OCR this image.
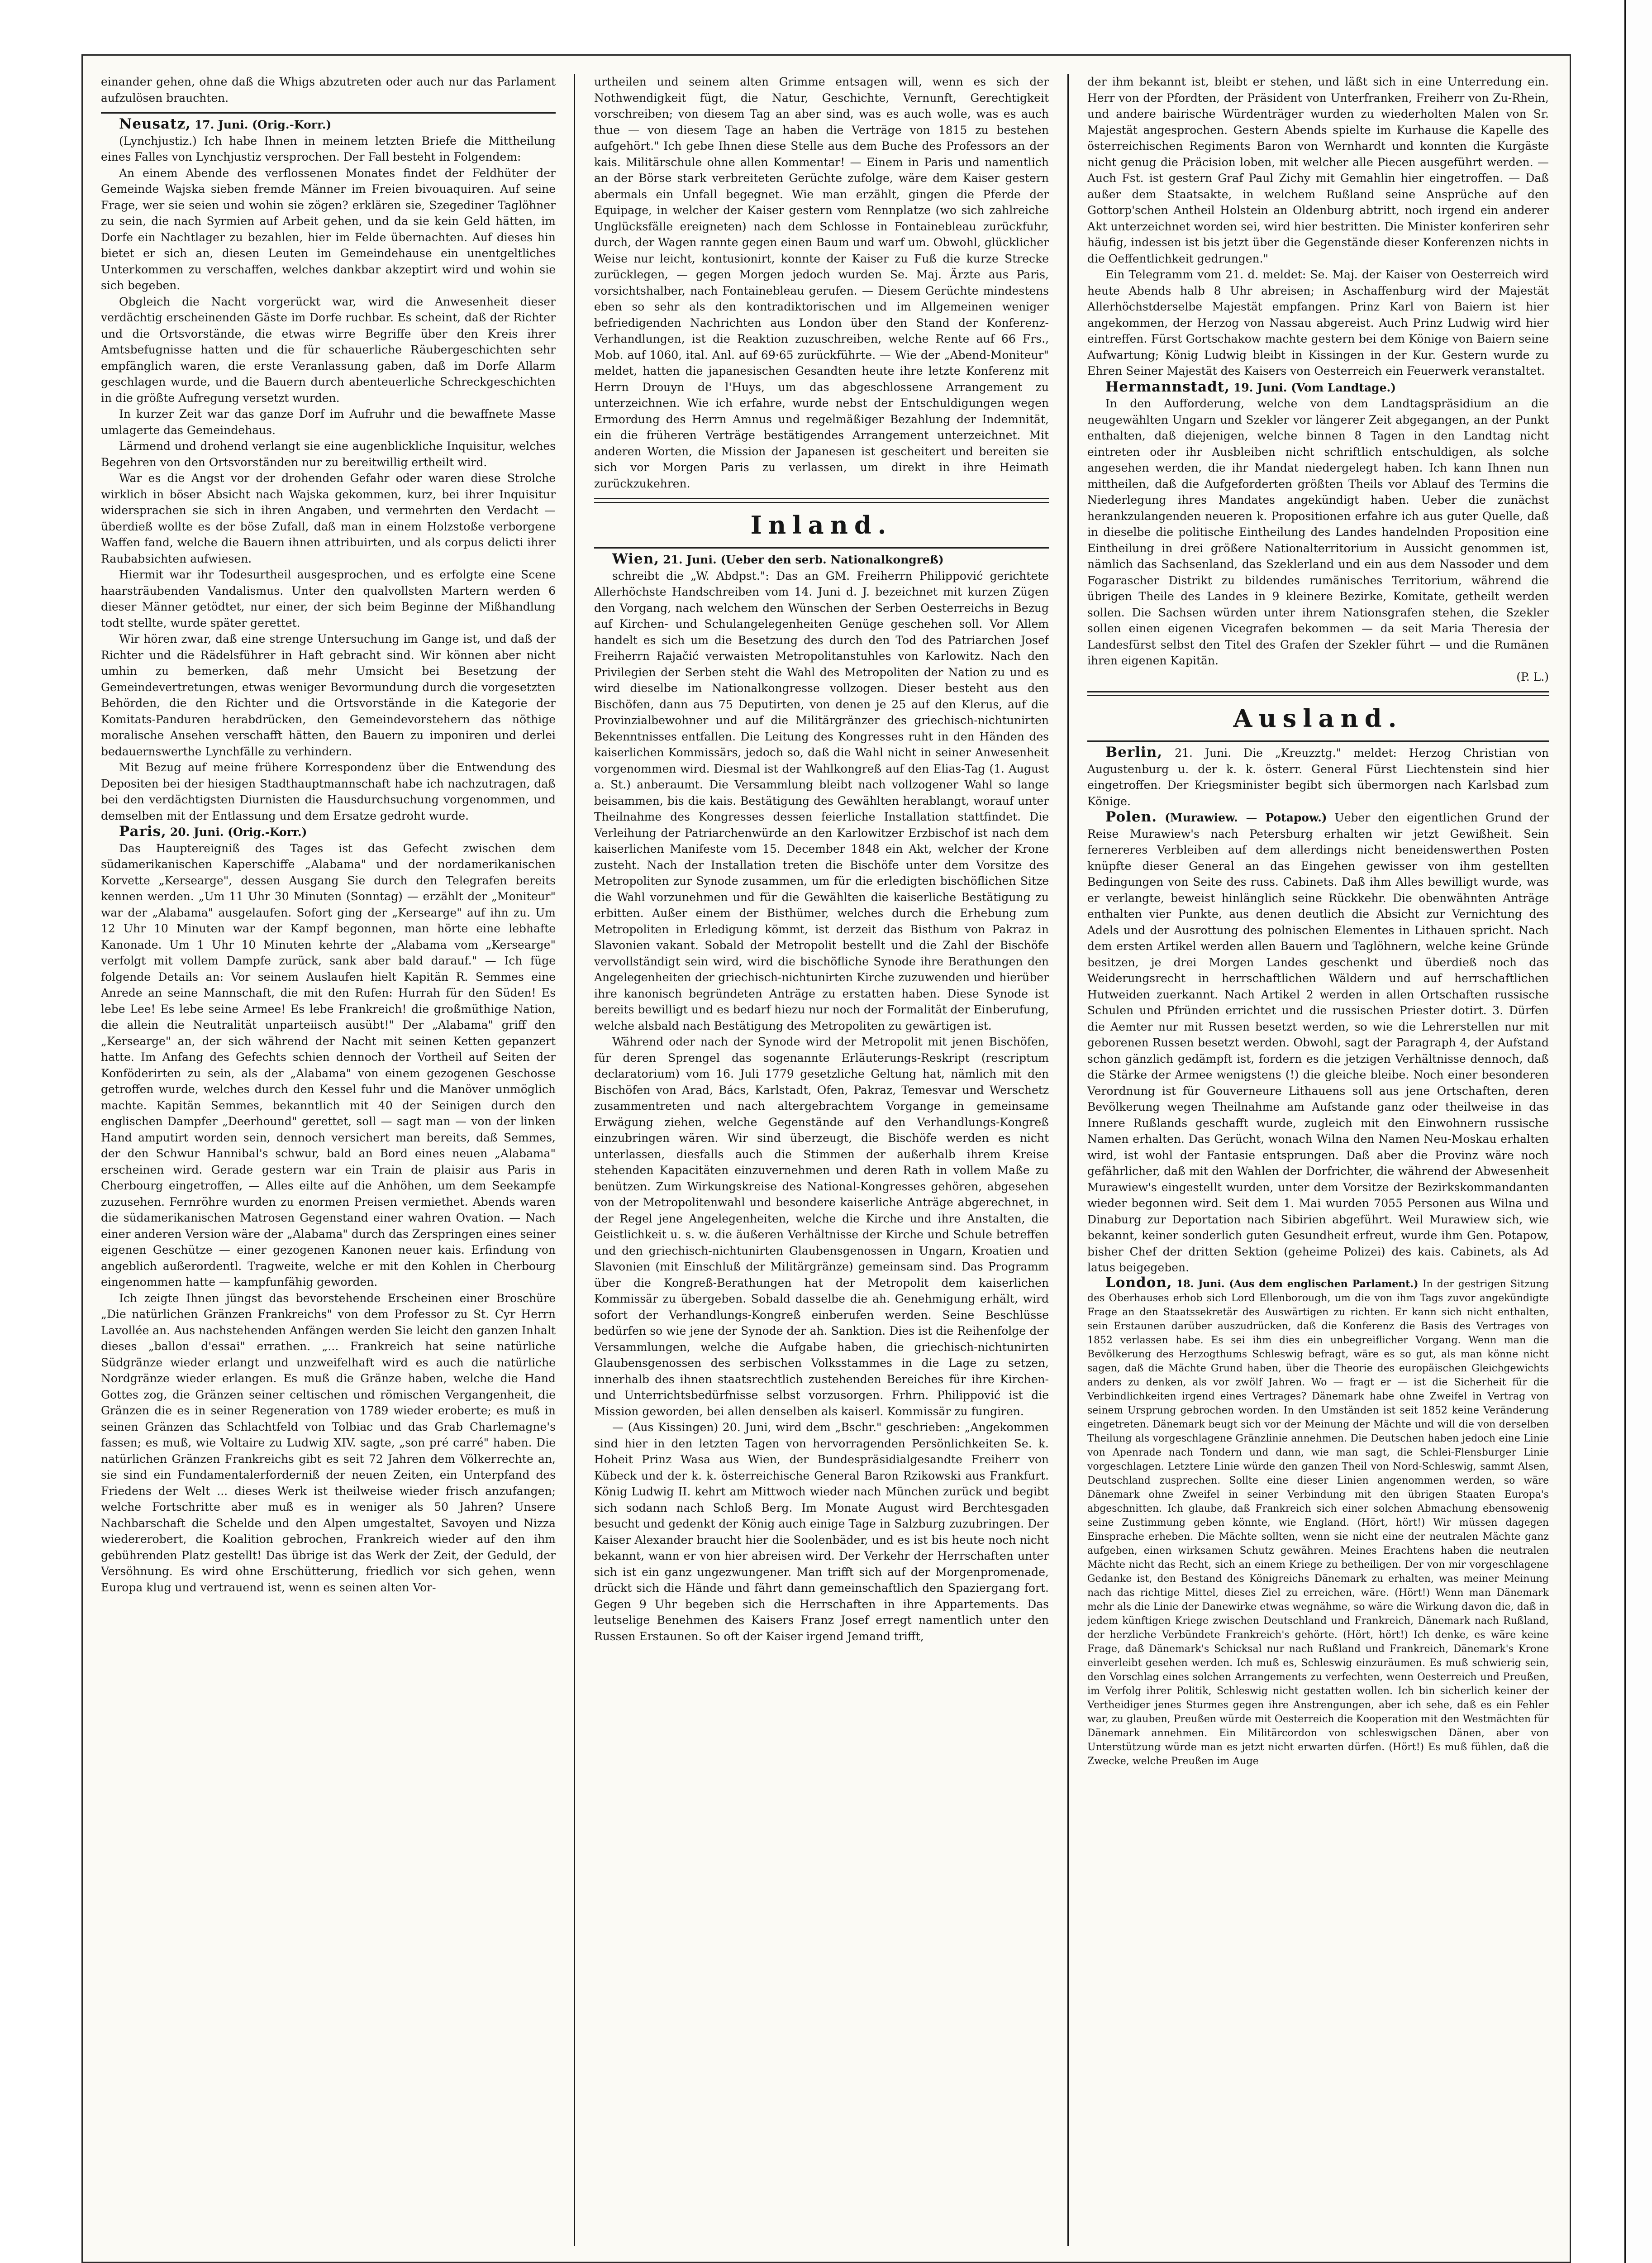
einander gehen, ohne daß die Whigs abzutreten oder auch nur das Parlament aufzulösen brauchten.

Neusatz, 17. Juni. (Orig.-Korr.)

(Lynchjustiz.) Ich habe Ihnen in meinem letzten Briefe die Mittheilung eines Falles von Lynchjustiz versprochen. Der Fall besteht in Folgendem:

An einem Abende des verflossenen Monates findet der Feldhüter der Gemeinde Wajska sieben fremde Männer im Freien bivouaquiren. Auf seine Frage, wer sie seien und wohin sie zögen? erklären sie, Szegediner Taglöhner zu sein, die nach Syrmien auf Arbeit gehen, und da sie kein Geld hätten, im Dorfe ein Nachtlager zu bezahlen, hier im Felde übernachten. Auf dieses hin bietet er sich an, diesen Leuten im Gemeindehause ein unentgeltliches Unterkommen zu verschaffen, welches dankbar akzeptirt wird und wohin sie sich begeben.

Obgleich die Nacht vorgerückt war, wird die Anwesenheit dieser verdächtig erscheinenden Gäste im Dorfe ruchbar. Es scheint, daß der Richter und die Ortsvorstände, die etwas wirre Begriffe über den Kreis ihrer Amtsbefugnisse hatten und die für schauerliche Räubergeschichten sehr empfänglich waren, die erste Veranlassung gaben, daß im Dorfe Allarm geschlagen wurde, und die Bauern durch abenteuerliche Schreckgeschichten in die größte Aufregung versetzt wurden.

In kurzer Zeit war das ganze Dorf im Aufruhr und die bewaffnete Masse umlagerte das Gemeindehaus.

Lärmend und drohend verlangt sie eine augenblickliche Inquisitur, welches Begehren von den Ortsvorständen nur zu bereitwillig ertheilt wird.

War es die Angst vor der drohenden Gefahr oder waren diese Strolche wirklich in böser Absicht nach Wajska gekommen, kurz, bei ihrer Inquisitur widersprachen sie sich in ihren Angaben, und vermehrten den Verdacht — überdieß wollte es der böse Zufall, daß man in einem Holzstoße verborgene Waffen fand, welche die Bauern ihnen attribuirten, und als corpus delicti ihrer Raubabsichten aufwiesen.

Hiermit war ihr Todesurtheil ausgesprochen, und es erfolgte eine Scene haarsträubenden Vandalismus. Unter den qualvollsten Martern werden 6 dieser Männer getödtet, nur einer, der sich beim Beginne der Mißhandlung todt stellte, wurde später gerettet.

Wir hören zwar, daß eine strenge Untersuchung im Gange ist, und daß der Richter und die Rädelsführer in Haft gebracht sind. Wir können aber nicht umhin zu bemerken, daß mehr Umsicht bei Besetzung der Gemeindevertretungen, etwas weniger Bevormundung durch die vorgesetzten Behörden, die den Richter und die Ortsvorstände in die Kategorie der Komitats-Panduren herabdrücken, den Gemeindevorstehern das nöthige moralische Ansehen verschafft hätten, den Bauern zu imponiren und derlei bedauernswerthe Lynchfälle zu verhindern.

Mit Bezug auf meine frühere Korrespondenz über die Entwendung des Depositen bei der hiesigen Stadthauptmannschaft habe ich nachzutragen, daß bei den verdächtigsten Diurnisten die Hausdurchsuchung vorgenommen, und demselben mit der Entlassung und dem Ersatze gedroht wurde.

Paris, 20. Juni. (Orig.-Korr.)

Das Hauptereigniß des Tages ist das Gefecht zwischen dem südamerikanischen Kaperschiffe „Alabama" und der nordamerikanischen Korvette „Kersearge", dessen Ausgang Sie durch den Telegrafen bereits kennen werden. „Um 11 Uhr 30 Minuten (Sonntag) — erzählt der „Moniteur" war der „Alabama" ausgelaufen. Sofort ging der „Kersearge" auf ihn zu. Um 12 Uhr 10 Minuten war der Kampf begonnen, man hörte eine lebhafte Kanonade. Um 1 Uhr 10 Minuten kehrte der „Alabama vom „Kersearge" verfolgt mit vollem Dampfe zurück, sank aber bald darauf." — Ich füge folgende Details an: Vor seinem Auslaufen hielt Kapitän R. Semmes eine Anrede an seine Mannschaft, die mit den Rufen: Hurrah für den Süden! Es lebe Lee! Es lebe seine Armee! Es lebe Frankreich! die großmüthige Nation, die allein die Neutralität unparteiisch ausübt!" Der „Alabama" griff den „Kersearge" an, der sich während der Nacht mit seinen Ketten gepanzert hatte. Im Anfang des Gefechts schien dennoch der Vortheil auf Seiten der Konföderirten zu sein, als der „Alabama" von einem gezogenen Geschosse getroffen wurde, welches durch den Kessel fuhr und die Manöver unmöglich machte. Kapitän Semmes, bekanntlich mit 40 der Seinigen durch den englischen Dampfer „Deerhound" gerettet, soll — sagt man — von der linken Hand amputirt worden sein, dennoch versichert man bereits, daß Semmes, der den Schwur Hannibal's schwur, bald an Bord eines neuen „Alabama" erscheinen wird. Gerade gestern war ein Train de plaisir aus Paris in Cherbourg eingetroffen, — Alles eilte auf die Anhöhen, um dem Seekampfe zuzusehen. Fernröhre wurden zu enormen Preisen vermiethet. Abends waren die südamerikanischen Matrosen Gegenstand einer wahren Ovation. — Nach einer anderen Version wäre der „Alabama" durch das Zerspringen eines seiner eigenen Geschütze — einer gezogenen Kanonen neuer kais. Erfindung von angeblich außerordentl. Tragweite, welche er mit den Kohlen in Cherbourg eingenommen hatte — kampfunfähig geworden.

Ich zeigte Ihnen jüngst das bevorstehende Erscheinen einer Broschüre „Die natürlichen Gränzen Frankreichs" von dem Professor zu St. Cyr Herrn Lavollée an. Aus nachstehenden Anfängen werden Sie leicht den ganzen Inhalt dieses „ballon d'essai" errathen. „... Frankreich hat seine natürliche Südgränze wieder erlangt und unzweifelhaft wird es auch die natürliche Nordgränze wieder erlangen. Es muß die Gränze haben, welche die Hand Gottes zog, die Gränzen seiner celtischen und römischen Vergangenheit, die Gränzen die es in seiner Regeneration von 1789 wieder eroberte; es muß in seinen Gränzen das Schlachtfeld von Tolbiac und das Grab Charlemagne's fassen; es muß, wie Voltaire zu Ludwig XIV. sagte, „son pré carré" haben. Die natürlichen Gränzen Frankreichs gibt es seit 72 Jahren dem Völkerrechte an, sie sind ein Fundamentalerforderniß der neuen Zeiten, ein Unterpfand des Friedens der Welt ... dieses Werk ist theilweise wieder frisch anzufangen; welche Fortschritte aber muß es in weniger als 50 Jahren? Unsere Nachbarschaft die Schelde und den Alpen umgestaltet, Savoyen und Nizza wiedererobert, die Koalition gebrochen, Frankreich wieder auf den ihm gebührenden Platz gestellt! Das übrige ist das Werk der Zeit, der Geduld, der Versöhnung. Es wird ohne Erschütterung, friedlich vor sich gehen, wenn Europa klug und vertrauend ist, wenn es seinen alten Vor-

urtheilen und seinem alten Grimme entsagen will, wenn es sich der Nothwendigkeit fügt, die Natur, Geschichte, Vernunft, Gerechtigkeit vorschreiben; von diesem Tag an aber sind, was es auch wolle, was es auch thue — von diesem Tage an haben die Verträge von 1815 zu bestehen aufgehört." Ich gebe Ihnen diese Stelle aus dem Buche des Professors an der kais. Militärschule ohne allen Kommentar! — Einem in Paris und namentlich an der Börse stark verbreiteten Gerüchte zufolge, wäre dem Kaiser gestern abermals ein Unfall begegnet. Wie man erzählt, gingen die Pferde der Equipage, in welcher der Kaiser gestern vom Rennplatze (wo sich zahlreiche Unglücksfälle ereigneten) nach dem Schlosse in Fontainebleau zurückfuhr, durch, der Wagen rannte gegen einen Baum und warf um. Obwohl, glücklicher Weise nur leicht, kontusionirt, konnte der Kaiser zu Fuß die kurze Strecke zurücklegen, — gegen Morgen jedoch wurden Se. Maj. Ärzte aus Paris, vorsichtshalber, nach Fontainebleau gerufen. — Diesem Gerüchte mindestens eben so sehr als den kontradiktorischen und im Allgemeinen weniger befriedigenden Nachrichten aus London über den Stand der Konferenz-Verhandlungen, ist die Reaktion zuzuschreiben, welche Rente auf 66 Frs., Mob. auf 1060, ital. Anl. auf 69·65 zurückführte. — Wie der „Abend-Moniteur" meldet, hatten die japanesischen Gesandten heute ihre letzte Konferenz mit Herrn Drouyn de l'Huys, um das abgeschlossene Arrangement zu unterzeichnen. Wie ich erfahre, wurde nebst der Entschuldigungen wegen Ermordung des Herrn Amnus und regelmäßiger Bezahlung der Indemnität, ein die früheren Verträge bestätigendes Arrangement unterzeichnet. Mit anderen Worten, die Mission der Japanesen ist gescheitert und bereiten sie sich vor Morgen Paris zu verlassen, um direkt in ihre Heimath zurückzukehren.

Inland.

Wien, 21. Juni. (Ueber den serb. Nationalkongreß)

schreibt die „W. Abdpst.": Das an GM. Freiherrn Philippović gerichtete Allerhöchste Handschreiben vom 14. Juni d. J. bezeichnet mit kurzen Zügen den Vorgang, nach welchem den Wünschen der Serben Oesterreichs in Bezug auf Kirchen- und Schulangelegenheiten Genüge geschehen soll. Vor Allem handelt es sich um die Besetzung des durch den Tod des Patriarchen Josef Freiherrn Rajačić verwaisten Metropolitanstuhles von Karlowitz. Nach den Privilegien der Serben steht die Wahl des Metropoliten der Nation zu und es wird dieselbe im Nationalkongresse vollzogen. Dieser besteht aus den Bischöfen, dann aus 75 Deputirten, von denen je 25 auf den Klerus, auf die Provinzialbewohner und auf die Militärgränzer des griechisch-nichtunirten Bekenntnisses entfallen. Die Leitung des Kongresses ruht in den Händen des kaiserlichen Kommissärs, jedoch so, daß die Wahl nicht in seiner Anwesenheit vorgenommen wird. Diesmal ist der Wahlkongreß auf den Elias-Tag (1. August a. St.) anberaumt. Die Versammlung bleibt nach vollzogener Wahl so lange beisammen, bis die kais. Bestätigung des Gewählten herablangt, worauf unter Theilnahme des Kongresses dessen feierliche Installation stattfindet. Die Verleihung der Patriarchenwürde an den Karlowitzer Erzbischof ist nach dem kaiserlichen Manifeste vom 15. December 1848 ein Akt, welcher der Krone zusteht. Nach der Installation treten die Bischöfe unter dem Vorsitze des Metropoliten zur Synode zusammen, um für die erledigten bischöflichen Sitze die Wahl vorzunehmen und für die Gewählten die kaiserliche Bestätigung zu erbitten. Außer einem der Bisthümer, welches durch die Erhebung zum Metropoliten in Erledigung kömmt, ist derzeit das Bisthum von Pakraz in Slavonien vakant. Sobald der Metropolit bestellt und die Zahl der Bischöfe vervollständigt sein wird, wird die bischöfliche Synode ihre Berathungen den Angelegenheiten der griechisch-nichtunirten Kirche zuzuwenden und hierüber ihre kanonisch begründeten Anträge zu erstatten haben. Diese Synode ist bereits bewilligt und es bedarf hiezu nur noch der Formalität der Einberufung, welche alsbald nach Bestätigung des Metropoliten zu gewärtigen ist.

Während oder nach der Synode wird der Metropolit mit jenen Bischöfen, für deren Sprengel das sogenannte Erläuterungs-Reskript (rescriptum declaratorium) vom 16. Juli 1779 gesetzliche Geltung hat, nämlich mit den Bischöfen von Arad, Bács, Karlstadt, Ofen, Pakraz, Temesvar und Werschetz zusammentreten und nach altergebrachtem Vorgange in gemeinsame Erwägung ziehen, welche Gegenstände auf den Verhandlungs-Kongreß einzubringen wären. Wir sind überzeugt, die Bischöfe werden es nicht unterlassen, diesfalls auch die Stimmen der außerhalb ihrem Kreise stehenden Kapacitäten einzuvernehmen und deren Rath in vollem Maße zu benützen. Zum Wirkungskreise des National-Kongresses gehören, abgesehen von der Metropolitenwahl und besondere kaiserliche Anträge abgerechnet, in der Regel jene Angelegenheiten, welche die Kirche und ihre Anstalten, die Geistlichkeit u. s. w. die äußeren Verhältnisse der Kirche und Schule betreffen und den griechisch-nichtunirten Glaubensgenossen in Ungarn, Kroatien und Slavonien (mit Einschluß der Militärgränze) gemeinsam sind. Das Programm über die Kongreß-Berathungen hat der Metropolit dem kaiserlichen Kommissär zu übergeben. Sobald dasselbe die ah. Genehmigung erhält, wird sofort der Verhandlungs-Kongreß einberufen werden. Seine Beschlüsse bedürfen so wie jene der Synode der ah. Sanktion. Dies ist die Reihenfolge der Versammlungen, welche die Aufgabe haben, die griechisch-nichtunirten Glaubensgenossen des serbischen Volksstammes in die Lage zu setzen, innerhalb des ihnen staatsrechtlich zustehenden Bereiches für ihre Kirchen- und Unterrichtsbedürfnisse selbst vorzusorgen. Frhrn. Philippović ist die Mission geworden, bei allen denselben als kaiserl. Kommissär zu fungiren.

— (Aus Kissingen) 20. Juni, wird dem „Bschr." geschrieben: „Angekommen sind hier in den letzten Tagen von hervorragenden Persönlichkeiten Se. k. Hoheit Prinz Wasa aus Wien, der Bundespräsidialgesandte Freiherr von Kübeck und der k. k. österreichische General Baron Rzikowski aus Frankfurt. König Ludwig II. kehrt am Mittwoch wieder nach München zurück und begibt sich sodann nach Schloß Berg. Im Monate August wird Berchtesgaden besucht und gedenkt der König auch einige Tage in Salzburg zuzubringen. Der Kaiser Alexander braucht hier die Soolenbäder, und es ist bis heute noch nicht bekannt, wann er von hier abreisen wird. Der Verkehr der Herrschaften unter sich ist ein ganz ungezwungener. Man trifft sich auf der Morgenpromenade, drückt sich die Hände und fährt dann gemeinschaftlich den Spaziergang fort. Gegen 9 Uhr begeben sich die Herrschaften in ihre Appartements. Das leutselige Benehmen des Kaisers Franz Josef erregt namentlich unter den Russen Erstaunen. So oft der Kaiser irgend Jemand trifft,

der ihm bekannt ist, bleibt er stehen, und läßt sich in eine Unterredung ein. Herr von der Pfordten, der Präsident von Unterfranken, Freiherr von Zu-Rhein, und andere bairische Würdenträger wurden zu wiederholten Malen von Sr. Majestät angesprochen. Gestern Abends spielte im Kurhause die Kapelle des österreichischen Regiments Baron von Wernhardt und konnten die Kurgäste nicht genug die Präcision loben, mit welcher alle Piecen ausgeführt werden. — Auch Fst. ist gestern Graf Paul Zichy mit Gemahlin hier eingetroffen. — Daß außer dem Staatsakte, in welchem Rußland seine Ansprüche auf den Gottorp'schen Antheil Holstein an Oldenburg abtritt, noch irgend ein anderer Akt unterzeichnet worden sei, wird hier bestritten. Die Minister konferiren sehr häufig, indessen ist bis jetzt über die Gegenstände dieser Konferenzen nichts in die Oeffentlichkeit gedrungen."

Ein Telegramm vom 21. d. meldet: Se. Maj. der Kaiser von Oesterreich wird heute Abends halb 8 Uhr abreisen; in Aschaffenburg wird der Majestät Allerhöchstderselbe Majestät empfangen. Prinz Karl von Baiern ist hier angekommen, der Herzog von Nassau abgereist. Auch Prinz Ludwig wird hier eintreffen. Fürst Gortschakow machte gestern bei dem Könige von Baiern seine Aufwartung; König Ludwig bleibt in Kissingen in der Kur. Gestern wurde zu Ehren Seiner Majestät des Kaisers von Oesterreich ein Feuerwerk veranstaltet.

Hermannstadt, 19. Juni. (Vom Landtage.)

In den Aufforderung, welche von dem Landtagspräsidium an die neugewählten Ungarn und Szekler vor längerer Zeit abgegangen, an der Punkt enthalten, daß diejenigen, welche binnen 8 Tagen in den Landtag nicht eintreten oder ihr Ausbleiben nicht schriftlich entschuldigen, als solche angesehen werden, die ihr Mandat niedergelegt haben. Ich kann Ihnen nun mittheilen, daß die Aufgeforderten größten Theils vor Ablauf des Termins die Niederlegung ihres Mandates angekündigt haben. Ueber die zunächst herankzulangenden neueren k. Propositionen erfahre ich aus guter Quelle, daß in dieselbe die politische Eintheilung des Landes handelnden Proposition eine Eintheilung in drei größere Nationalterritorium in Aussicht genommen ist, nämlich das Sachsenland, das Szeklerland und ein aus dem Nassoder und dem Fogarascher Distrikt zu bildendes rumänisches Territorium, während die übrigen Theile des Landes in 9 kleinere Bezirke, Komitate, getheilt werden sollen. Die Sachsen würden unter ihrem Nationsgrafen stehen, die Szekler sollen einen eigenen Vicegrafen bekommen — da seit Maria Theresia der Landesfürst selbst den Titel des Grafen der Szekler führt — und die Rumänen ihren eigenen Kapitän.

(P. L.)

Ausland.

Berlin, 21. Juni. Die „Kreuzztg." meldet: Herzog Christian von Augustenburg u. der k. k. österr. General Fürst Liechtenstein sind hier eingetroffen. Der Kriegsminister begibt sich übermorgen nach Karlsbad zum Könige.

Polen. (Murawiew. — Potapow.) Ueber den eigentlichen Grund der Reise Murawiew's nach Petersburg erhalten wir jetzt Gewißheit. Sein fernereres Verbleiben auf dem allerdings nicht beneidenswerthen Posten knüpfte dieser General an das Eingehen gewisser von ihm gestellten Bedingungen von Seite des russ. Cabinets. Daß ihm Alles bewilligt wurde, was er verlangte, beweist hinlänglich seine Rückkehr. Die obenwähnten Anträge enthalten vier Punkte, aus denen deutlich die Absicht zur Vernichtung des Adels und der Ausrottung des polnischen Elementes in Lithauen spricht. Nach dem ersten Artikel werden allen Bauern und Taglöhnern, welche keine Gründe besitzen, je drei Morgen Landes geschenkt und überdieß noch das Weiderungsrecht in herrschaftlichen Wäldern und auf herrschaftlichen Hutweiden zuerkannt. Nach Artikel 2 werden in allen Ortschaften russische Schulen und Pfründen errichtet und die russischen Priester dotirt. 3. Dürfen die Aemter nur mit Russen besetzt werden, so wie die Lehrerstellen nur mit geborenen Russen besetzt werden. Obwohl, sagt der Paragraph 4, der Aufstand schon gänzlich gedämpft ist, fordern es die jetzigen Verhältnisse dennoch, daß die Stärke der Armee wenigstens (!) die gleiche bleibe. Noch einer besonderen Verordnung ist für Gouverneure Lithauens soll aus jene Ortschaften, deren Bevölkerung wegen Theilnahme am Aufstande ganz oder theilweise in das Innere Rußlands geschafft wurde, zugleich mit den Einwohnern russische Namen erhalten. Das Gerücht, wonach Wilna den Namen Neu-Moskau erhalten wird, ist wohl der Fantasie entsprungen. Daß aber die Provinz wäre noch gefährlicher, daß mit den Wahlen der Dorfrichter, die während der Abwesenheit Murawiew's eingestellt wurden, unter dem Vorsitze der Bezirkskommandanten wieder begonnen wird. Seit dem 1. Mai wurden 7055 Personen aus Wilna und Dinaburg zur Deportation nach Sibirien abgeführt. Weil Murawiew sich, wie bekannt, keiner sonderlich guten Gesundheit erfreut, wurde ihm Gen. Potapow, bisher Chef der dritten Sektion (geheime Polizei) des kais. Cabinets, als Ad latus beigegeben.

London, 18. Juni. (Aus dem englischen Parlament.) In der gestrigen Sitzung des Oberhauses erhob sich Lord Ellenborough, um die von ihm Tags zuvor angekündigte Frage an den Staatssekretär des Auswärtigen zu richten. Er kann sich nicht enthalten, sein Erstaunen darüber auszudrücken, daß die Konferenz die Basis des Vertrages von 1852 verlassen habe. Es sei ihm dies ein unbegreiflicher Vorgang. Wenn man die Bevölkerung des Herzogthums Schleswig befragt, wäre es so gut, als man könne nicht sagen, daß die Mächte Grund haben, über die Theorie des europäischen Gleichgewichts anders zu denken, als vor zwölf Jahren. Wo — fragt er — ist die Sicherheit für die Verbindlichkeiten irgend eines Vertrages? Dänemark habe ohne Zweifel in Vertrag von seinem Ursprung gebrochen worden. In den Umständen ist seit 1852 keine Veränderung eingetreten. Dänemark beugt sich vor der Meinung der Mächte und will die von derselben Theilung als vorgeschlagene Gränzlinie annehmen. Die Deutschen haben jedoch eine Linie von Apenrade nach Tondern und dann, wie man sagt, die Schlei-Flensburger Linie vorgeschlagen. Letztere Linie würde den ganzen Theil von Nord-Schleswig, sammt Alsen, Deutschland zusprechen. Sollte eine dieser Linien angenommen werden, so wäre Dänemark ohne Zweifel in seiner Verbindung mit den übrigen Staaten Europa's abgeschnitten. Ich glaube, daß Frankreich sich einer solchen Abmachung ebensowenig seine Zustimmung geben könnte, wie England. (Hört, hört!) Wir müssen dagegen Einsprache erheben. Die Mächte sollten, wenn sie nicht eine der neutralen Mächte ganz aufgeben, einen wirksamen Schutz gewähren. Meines Erachtens haben die neutralen Mächte nicht das Recht, sich an einem Kriege zu betheiligen. Der von mir vorgeschlagene Gedanke ist, den Bestand des Königreichs Dänemark zu erhalten, was meiner Meinung nach das richtige Mittel, dieses Ziel zu erreichen, wäre. (Hört!) Wenn man Dänemark mehr als die Linie der Danewirke etwas wegnähme, so wäre die Wirkung davon die, daß in jedem künftigen Kriege zwischen Deutschland und Frankreich, Dänemark nach Rußland, der herzliche Verbündete Frankreich's gehörte. (Hört, hört!) Ich denke, es wäre keine Frage, daß Dänemark's Schicksal nur nach Rußland und Frankreich, Dänemark's Krone einverleibt gesehen werden. Ich muß es, Schleswig einzuräumen. Es muß schwierig sein, den Vorschlag eines solchen Arrangements zu verfechten, wenn Oesterreich und Preußen, im Verfolg ihrer Politik, Schleswig nicht gestatten wollen. Ich bin sicherlich keiner der Vertheidiger jenes Sturmes gegen ihre Anstrengungen, aber ich sehe, daß es ein Fehler war, zu glauben, Preußen würde mit Oesterreich die Kooperation mit den Westmächten für Dänemark annehmen. Ein Militärcordon von schleswigschen Dänen, aber von Unterstützung würde man es jetzt nicht erwarten dürfen. (Hört!) Es muß fühlen, daß die Zwecke, welche Preußen im Auge
